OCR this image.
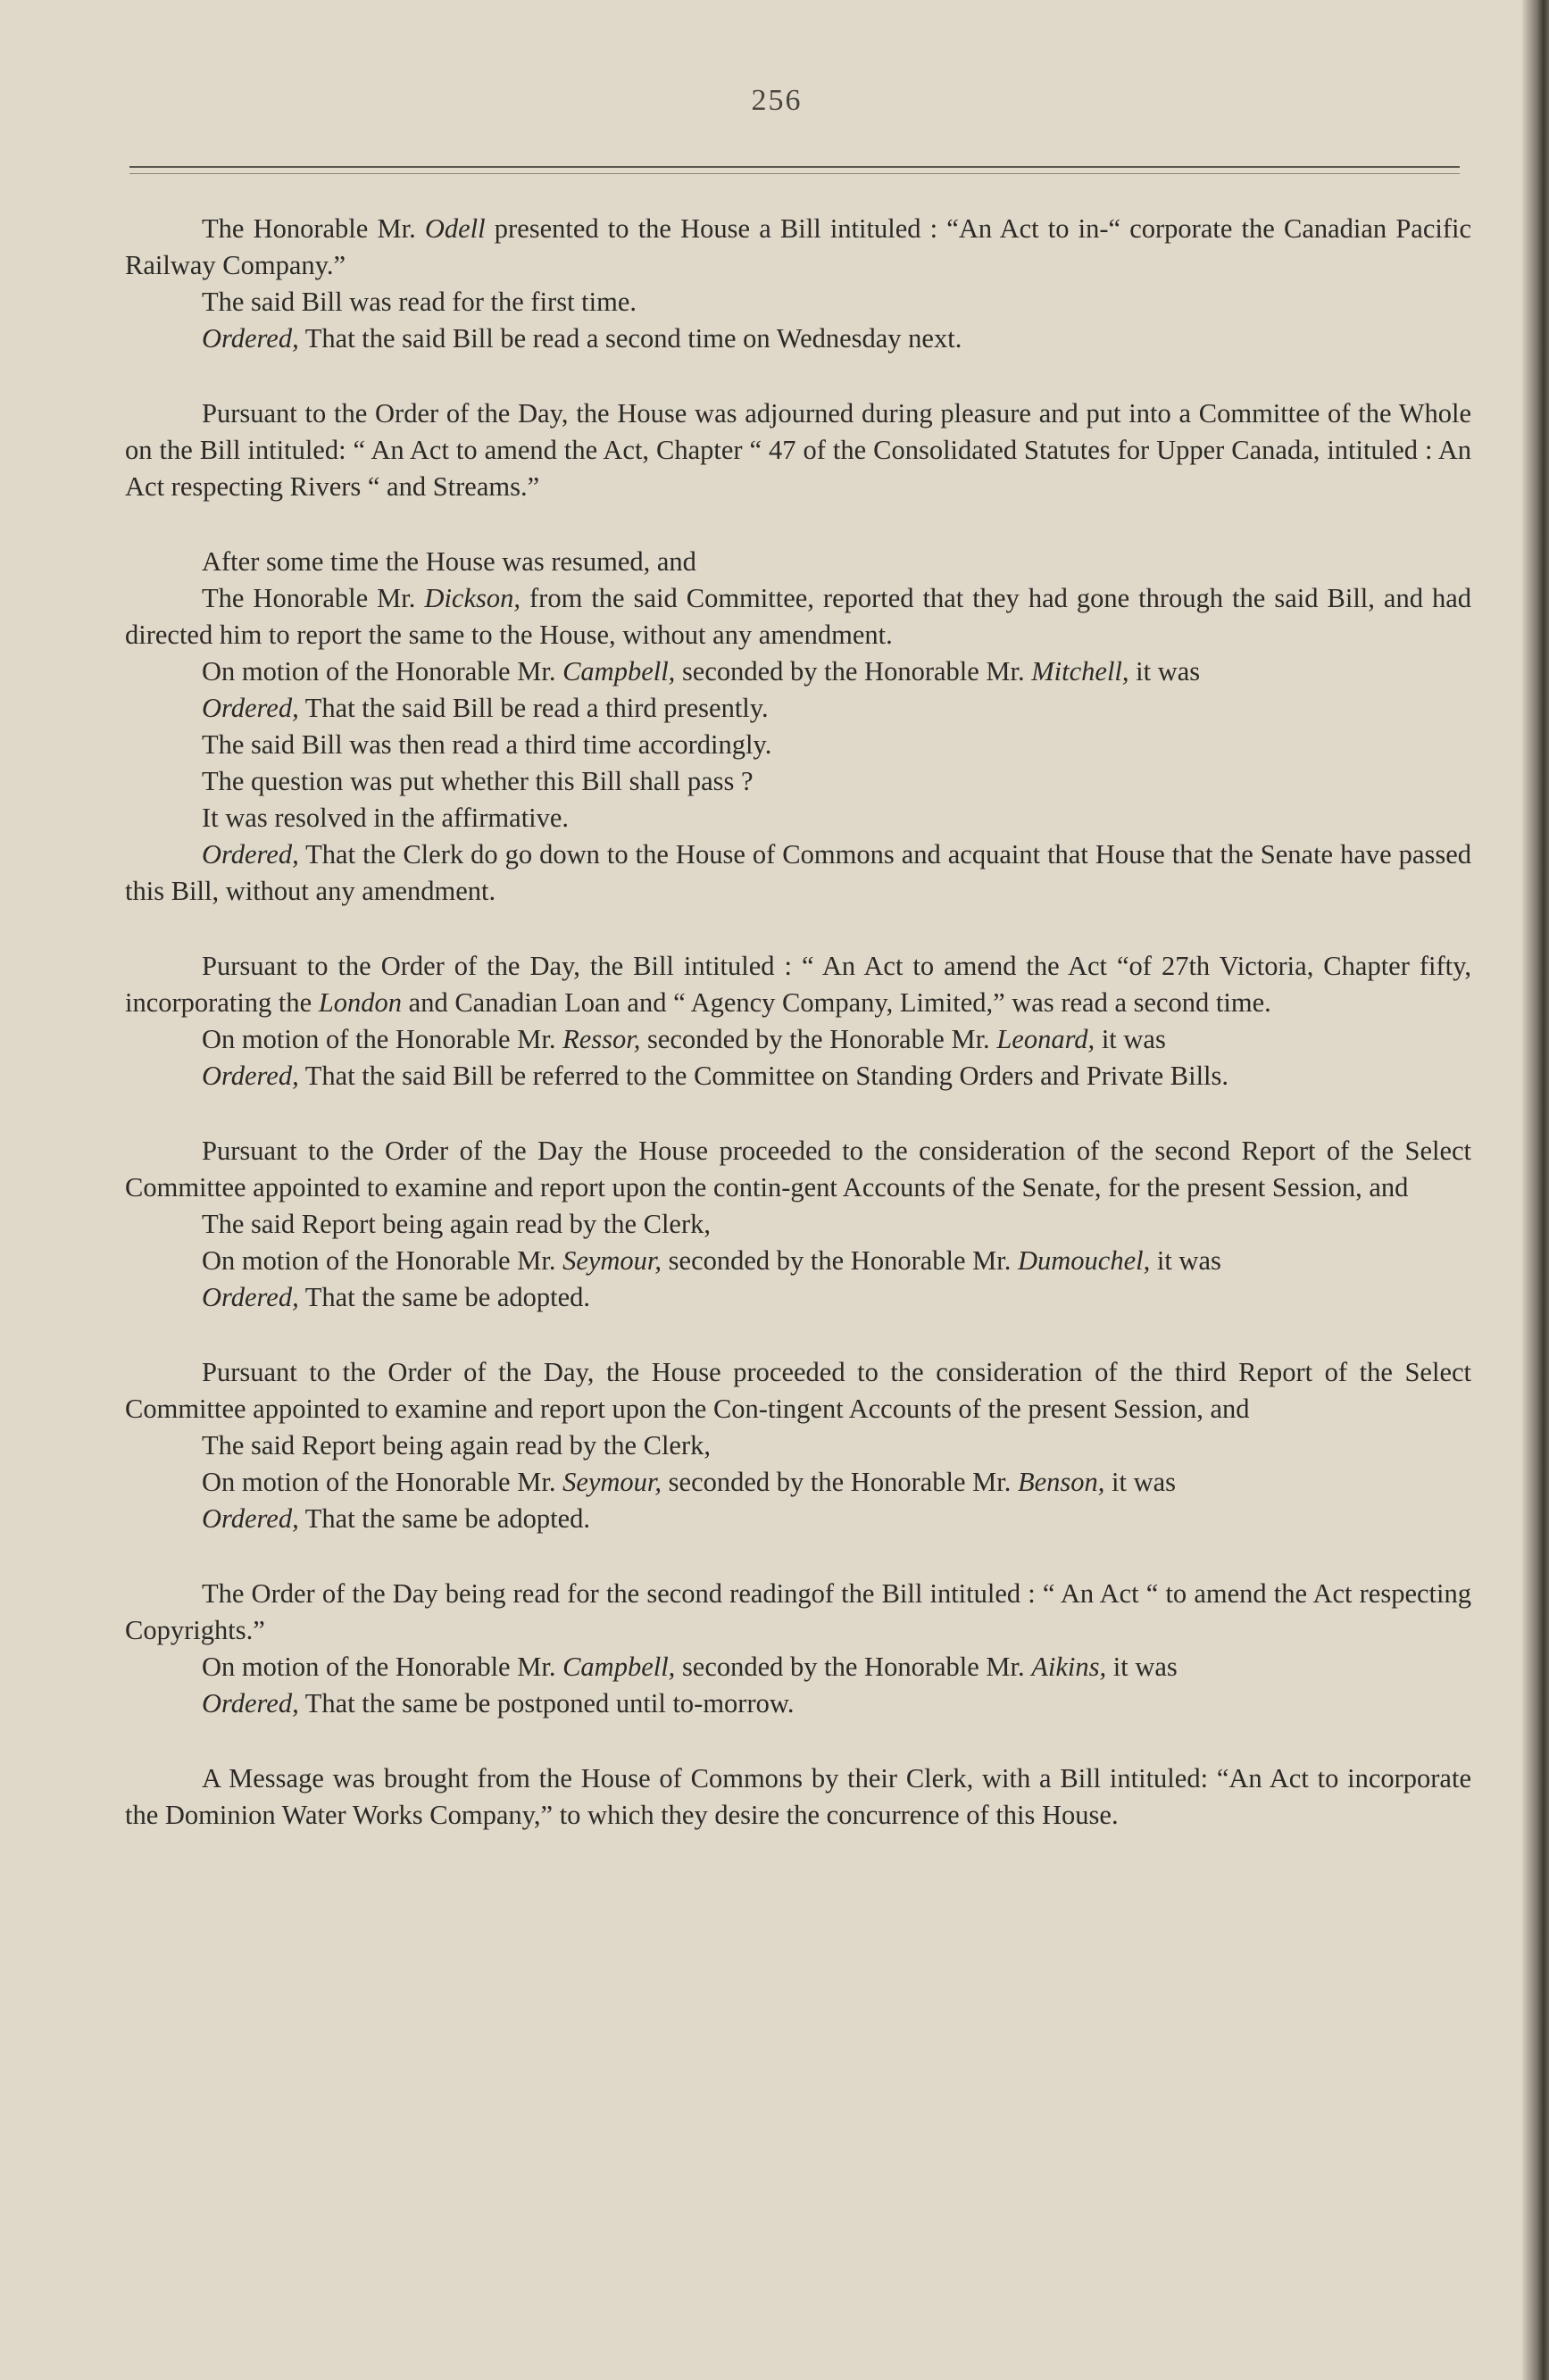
256
The Honorable Mr. Odell presented to the House a Bill intituled : “An Act to in-“ corporate the Canadian Pacific Railway Company.”
The said Bill was read for the first time.
Ordered, That the said Bill be read a second time on Wednesday next.
Pursuant to the Order of the Day, the House was adjourned during pleasure and put into a Committee of the Whole on the Bill intituled: “ An Act to amend the Act, Chapter “ 47 of the Consolidated Statutes for Upper Canada, intituled : An Act respecting Rivers “ and Streams.”
After some time the House was resumed, and
The Honorable Mr. Dickson, from the said Committee, reported that they had gone through the said Bill, and had directed him to report the same to the House, without any amendment.
On motion of the Honorable Mr. Campbell, seconded by the Honorable Mr. Mitchell, it was
Ordered, That the said Bill be read a third presently.
The said Bill was then read a third time accordingly.
The question was put whether this Bill shall pass ?
It was resolved in the affirmative.
Ordered, That the Clerk do go down to the House of Commons and acquaint that House that the Senate have passed this Bill, without any amendment.
Pursuant to the Order of the Day, the Bill intituled : “ An Act to amend the Act “of 27th Victoria, Chapter fifty, incorporating the London and Canadian Loan and “ Agency Company, Limited,” was read a second time.
On motion of the Honorable Mr. Ressor, seconded by the Honorable Mr. Leonard, it was
Ordered, That the said Bill be referred to the Committee on Standing Orders and Private Bills.
Pursuant to the Order of the Day the House proceeded to the consideration of the second Report of the Select Committee appointed to examine and report upon the contin-gent Accounts of the Senate, for the present Session, and
The said Report being again read by the Clerk,
On motion of the Honorable Mr. Seymour, seconded by the Honorable Mr. Dumouchel, it was
Ordered, That the same be adopted.
Pursuant to the Order of the Day, the House proceeded to the consideration of the third Report of the Select Committee appointed to examine and report upon the Con-tingent Accounts of the present Session, and
The said Report being again read by the Clerk,
On motion of the Honorable Mr. Seymour, seconded by the Honorable Mr. Benson, it was
Ordered, That the same be adopted.
The Order of the Day being read for the second readingof the Bill intituled : “ An Act “ to amend the Act respecting Copyrights.”
On motion of the Honorable Mr. Campbell, seconded by the Honorable Mr. Aikins, it was
Ordered, That the same be postponed until to-morrow.
A Message was brought from the House of Commons by their Clerk, with a Bill intituled: “An Act to incorporate the Dominion Water Works Company,” to which they desire the concurrence of this House.
